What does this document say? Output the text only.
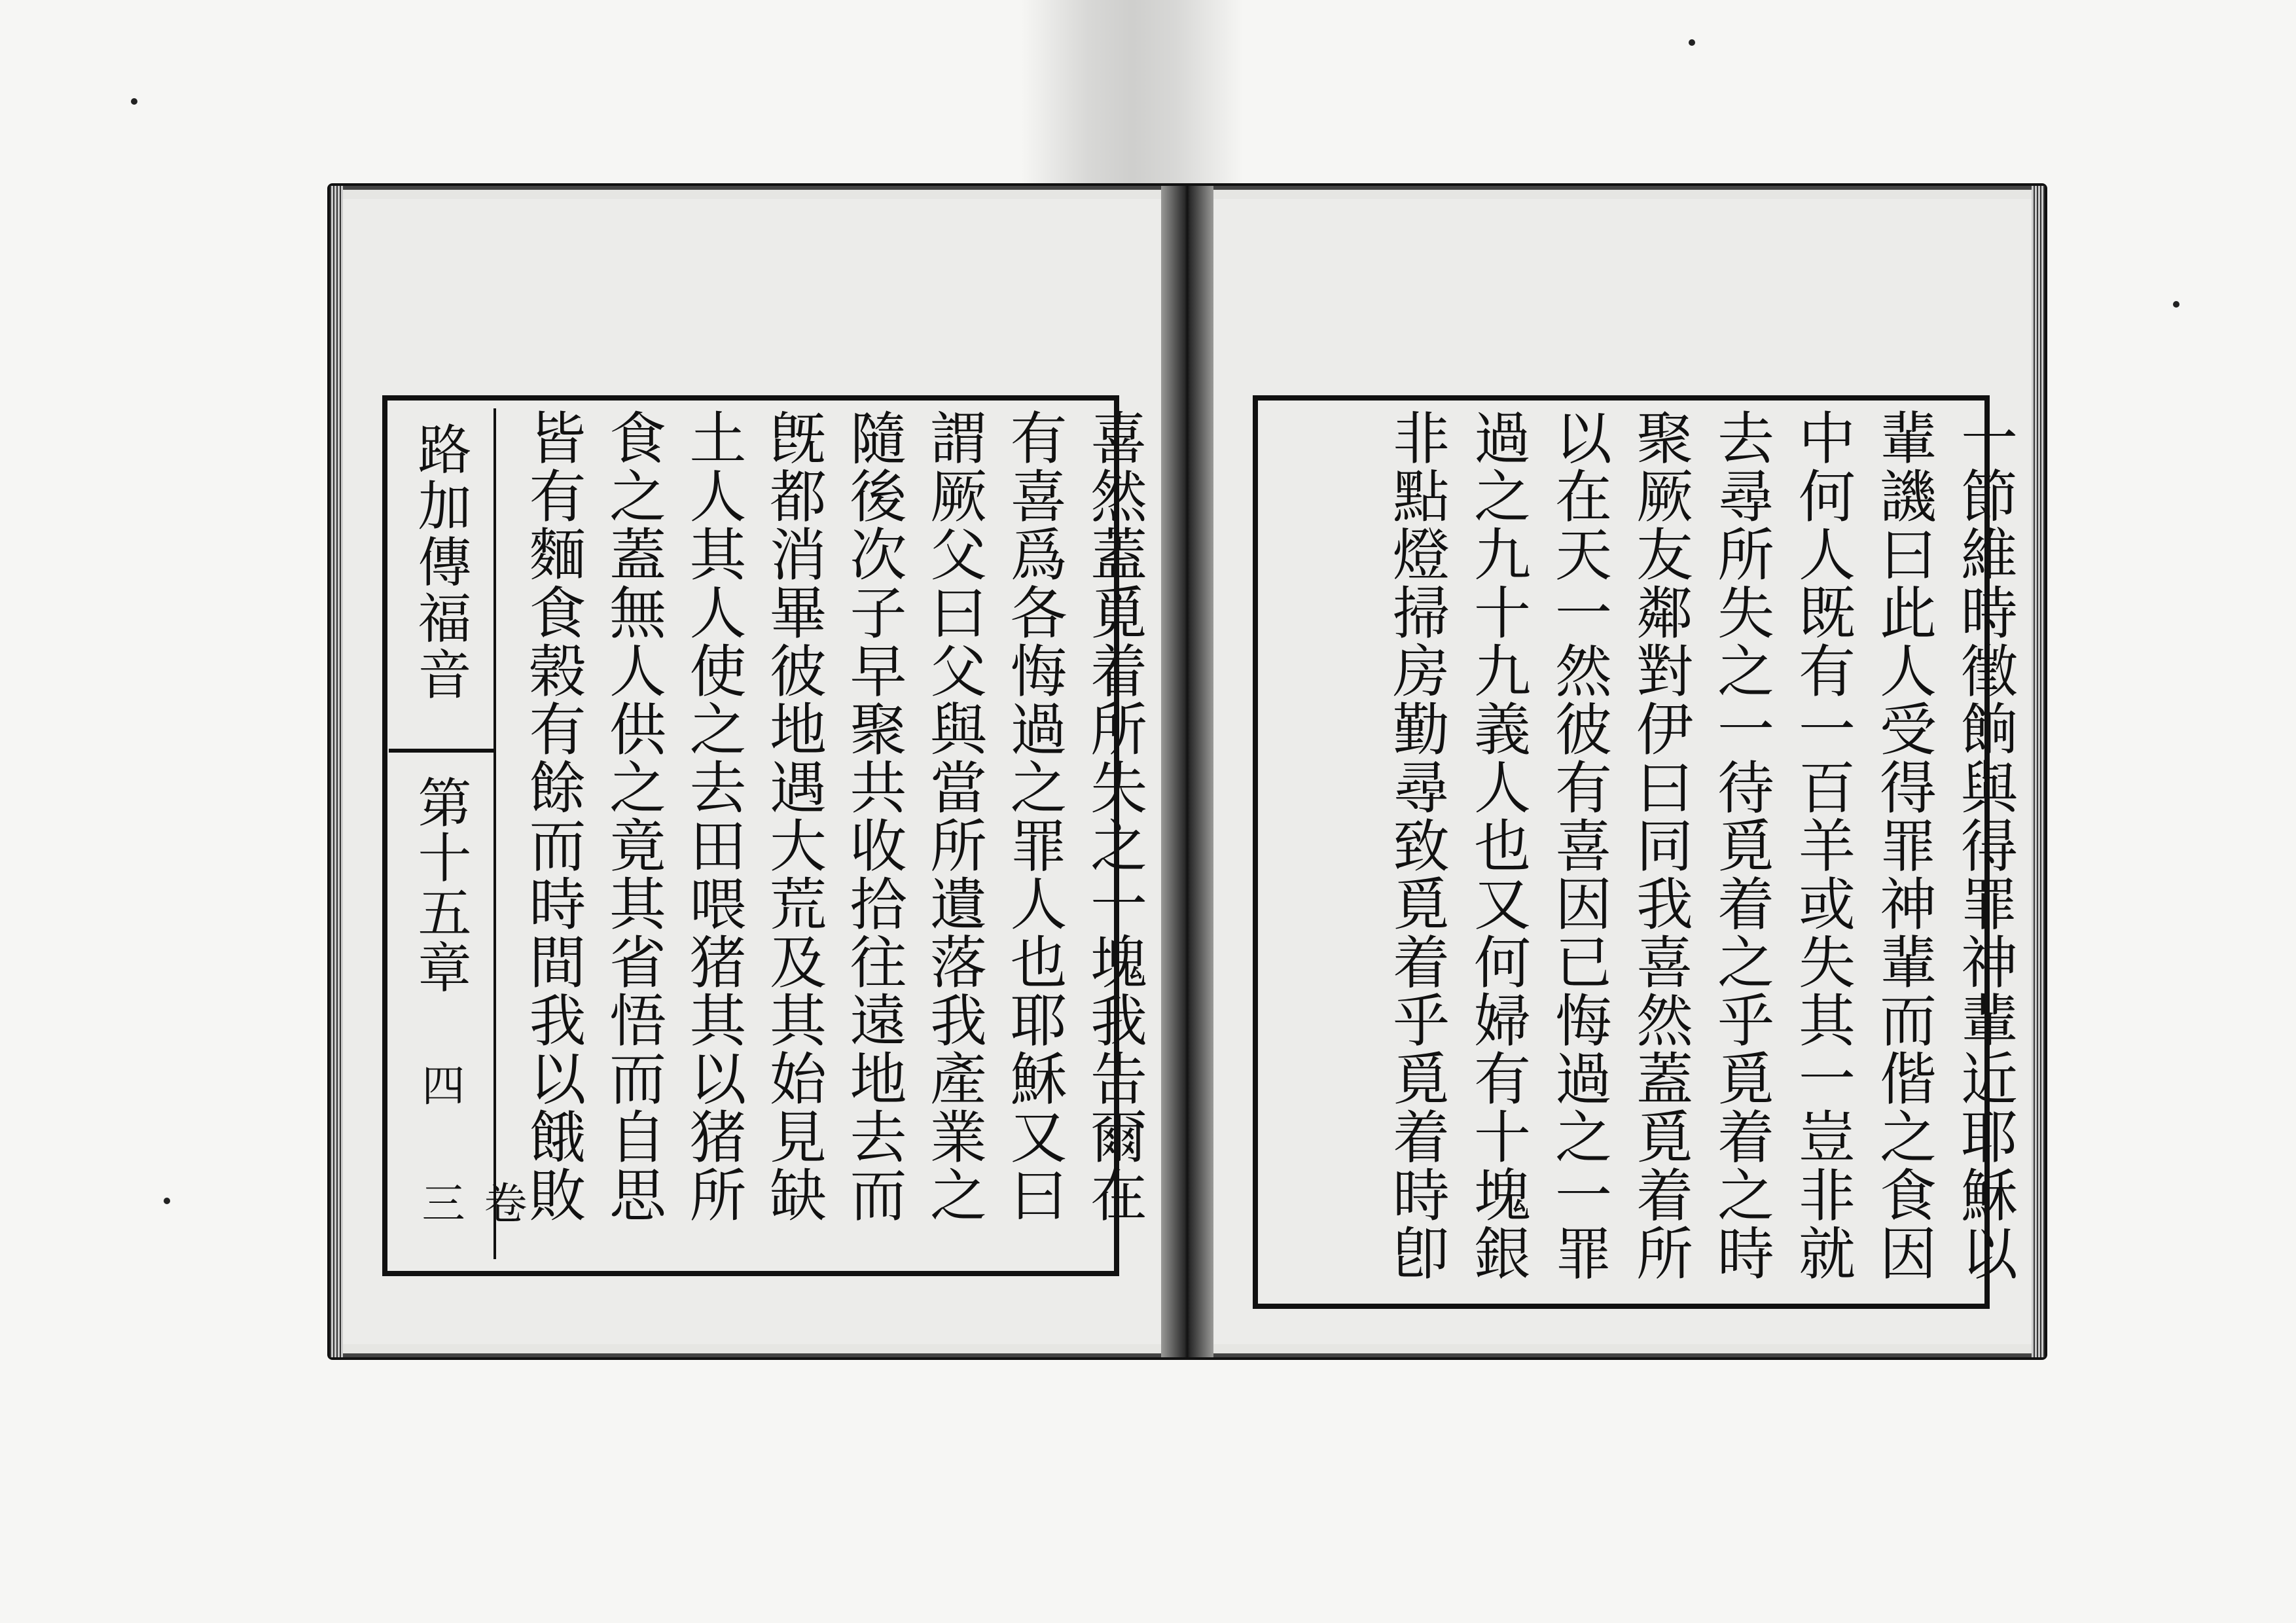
路加傳福音
第十五章
四
卷三
喜然蓋覓着所失之一塊我告爾在
有喜爲各悔過之罪人也耶穌又曰
謂厥父曰父與當所遺落我產業之
隨後次子早聚共收拾往遠地去而
旣都消畢彼地遇大荒及其始見缺
土人其人使之去田喂猪其以猪所
食之蓋無人供之竟其省悟而自思
皆有麵食榖有餘而時間我以餓敗
一節維時徵餉與得罪神輩近耶穌以
輩譏曰此人受得罪神輩而偕之食因
中何人既有一百羊或失其一豈非就
去尋所失之一待覓着之乎覓着之時
聚厥友鄰對伊曰同我喜然蓋覓着所
以在天一然彼有喜因已悔過之一罪
過之九十九義人也又何婦有十塊銀
非點燈掃房勤尋致覓着乎覓着時卽
